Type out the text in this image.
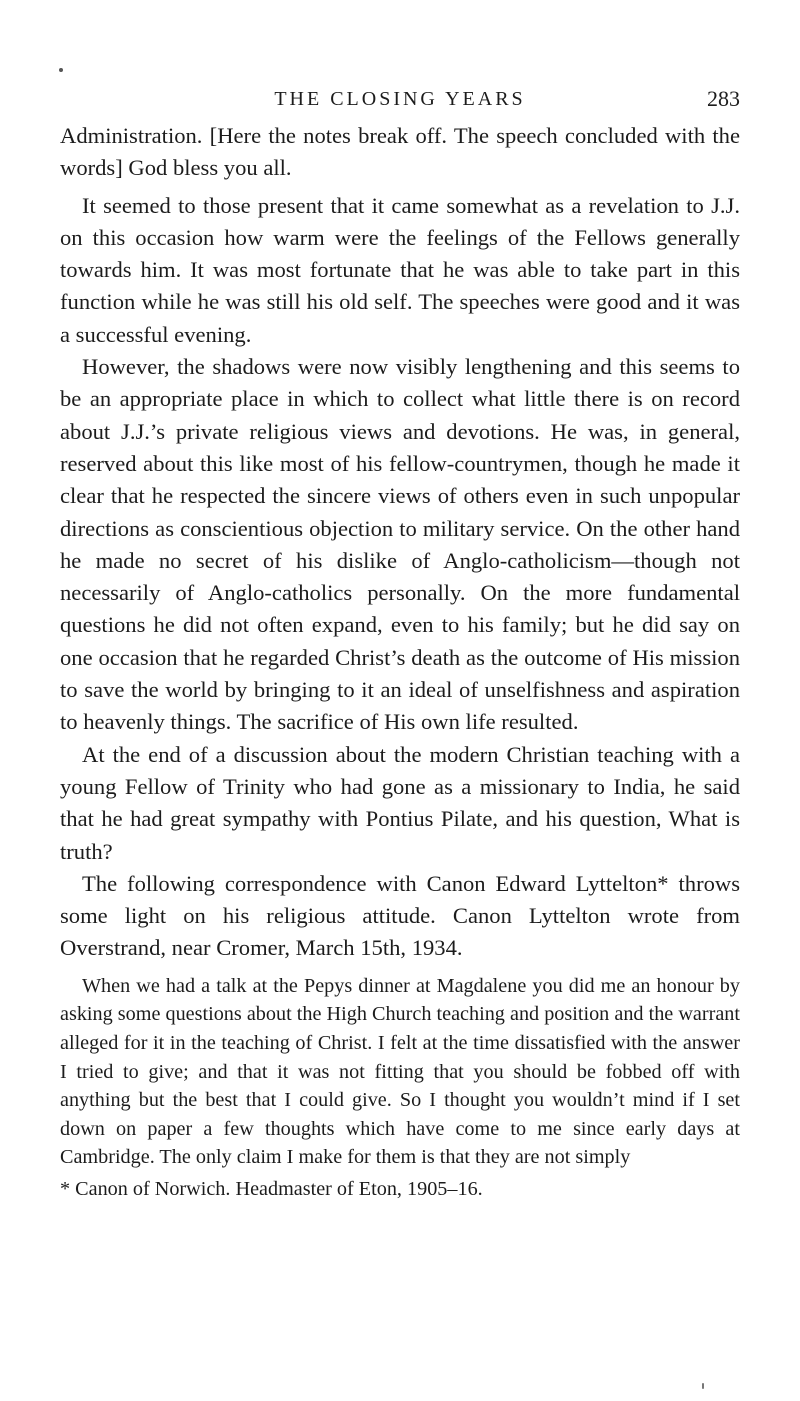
THE CLOSING YEARS	283

Administration. [Here the notes break off. The speech concluded with the words] God bless you all.

It seemed to those present that it came somewhat as a revelation to J.J. on this occasion how warm were the feelings of the Fellows generally towards him. It was most fortunate that he was able to take part in this function while he was still his old self. The speeches were good and it was a successful evening.

However, the shadows were now visibly lengthening and this seems to be an appropriate place in which to collect what little there is on record about J.J.’s private religious views and devotions. He was, in general, reserved about this like most of his fellow-countrymen, though he made it clear that he respected the sincere views of others even in such unpopular directions as conscientious objection to military service. On the other hand he made no secret of his dislike of Anglo-catholicism—though not necessarily of Anglo-catholics personally. On the more fundamental questions he did not often expand, even to his family; but he did say on one occasion that he regarded Christ’s death as the outcome of His mission to save the world by bringing to it an ideal of unselfishness and aspiration to heavenly things. The sacrifice of His own life resulted.

At the end of a discussion about the modern Christian teaching with a young Fellow of Trinity who had gone as a missionary to India, he said that he had great sympathy with Pontius Pilate, and his question, What is truth?

The following correspondence with Canon Edward Lyttelton* throws some light on his religious attitude. Canon Lyttelton wrote from Overstrand, near Cromer, March 15th, 1934.

When we had a talk at the Pepys dinner at Magdalene you did me an honour by asking some questions about the High Church teaching and position and the warrant alleged for it in the teaching of Christ. I felt at the time dissatisfied with the answer I tried to give; and that it was not fitting that you should be fobbed off with anything but the best that I could give. So I thought you wouldn’t mind if I set down on paper a few thoughts which have come to me since early days at Cambridge. The only claim I make for them is that they are not simply

* Canon of Norwich. Headmaster of Eton, 1905–16.
